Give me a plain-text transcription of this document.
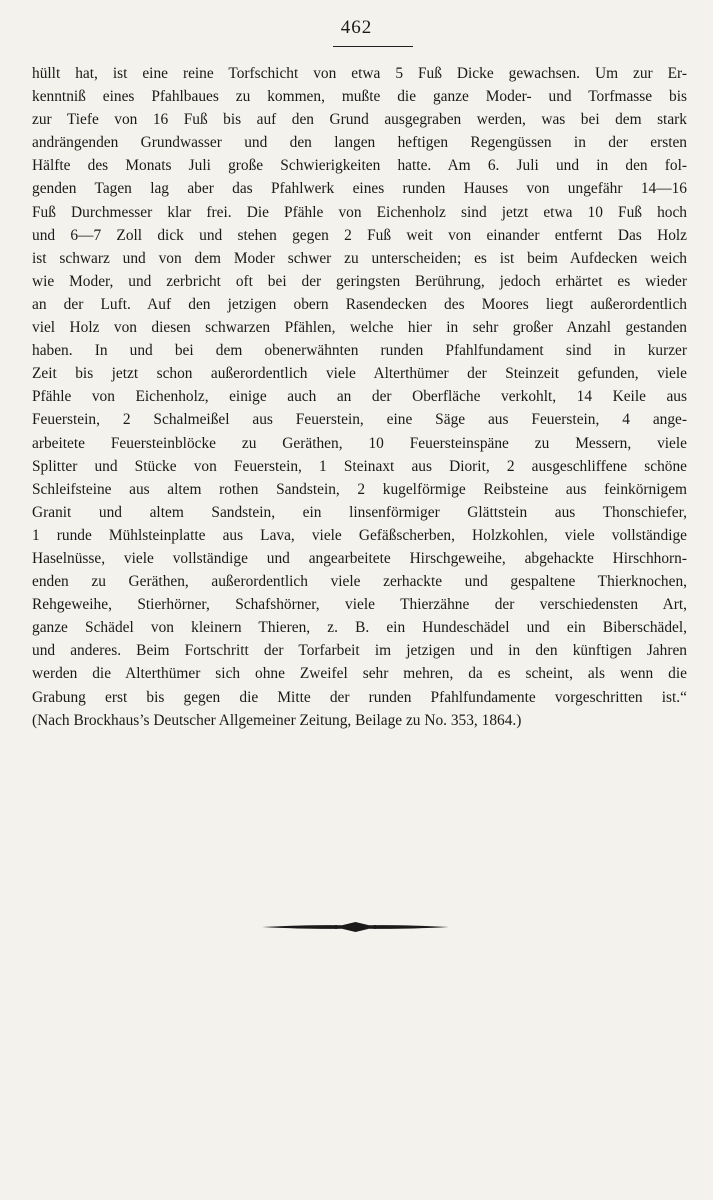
462
hüllt hat, ist eine reine Torfschicht von etwa 5 Fuß Dicke gewachsen. Um zur Er-
kenntniß eines Pfahlbaues zu kommen, mußte die ganze Moder- und Torfmasse bis
zur Tiefe von 16 Fuß bis auf den Grund ausgegraben werden, was bei dem stark
andrängenden Grundwasser und den langen heftigen Regengüssen in der ersten
Hälfte des Monats Juli große Schwierigkeiten hatte. Am 6. Juli und in den fol-
genden Tagen lag aber das Pfahlwerk eines runden Hauses von ungefähr 14—16
Fuß Durchmesser klar frei. Die Pfähle von Eichenholz sind jetzt etwa 10 Fuß hoch
und 6—7 Zoll dick und stehen gegen 2 Fuß weit von einander entfernt Das Holz
ist schwarz und von dem Moder schwer zu unterscheiden; es ist beim Aufdecken weich
wie Moder, und zerbricht oft bei der geringsten Berührung, jedoch erhärtet es wieder
an der Luft. Auf den jetzigen obern Rasendecken des Moores liegt außerordentlich
viel Holz von diesen schwarzen Pfählen, welche hier in sehr großer Anzahl gestanden
haben. In und bei dem obenerwähnten runden Pfahlfundament sind in kurzer
Zeit bis jetzt schon außerordentlich viele Alterthümer der Steinzeit gefunden, viele
Pfähle von Eichenholz, einige auch an der Oberfläche verkohlt, 14 Keile aus
Feuerstein, 2 Schalmeißel aus Feuerstein, eine Säge aus Feuerstein, 4 ange-
arbeitete Feuersteinblöcke zu Geräthen, 10 Feuersteinspäne zu Messern, viele
Splitter und Stücke von Feuerstein, 1 Steinaxt aus Diorit, 2 ausgeschliffene schöne
Schleifsteine aus altem rothen Sandstein, 2 kugelförmige Reibsteine aus feinkörnigem
Granit und altem Sandstein, ein linsenförmiger Glättstein aus Thonschiefer,
1 runde Mühlsteinplatte aus Lava, viele Gefäßscherben, Holzkohlen, viele vollständige
Haselnüsse, viele vollständige und angearbeitete Hirschgeweihe, abgehackte Hirschhorn-
enden zu Geräthen, außerordentlich viele zerhackte und gespaltene Thierknochen,
Rehgeweihe, Stierhörner, Schafshörner, viele Thierzähne der verschiedensten Art,
ganze Schädel von kleinern Thieren, z. B. ein Hundeschädel und ein Biberschädel,
und anderes. Beim Fortschritt der Torfarbeit im jetzigen und in den künftigen Jahren
werden die Alterthümer sich ohne Zweifel sehr mehren, da es scheint, als wenn die
Grabung erst bis gegen die Mitte der runden Pfahlfundamente vorgeschritten ist.“
(Nach Brockhaus’s Deutscher Allgemeiner Zeitung, Beilage zu No. 353, 1864.)
